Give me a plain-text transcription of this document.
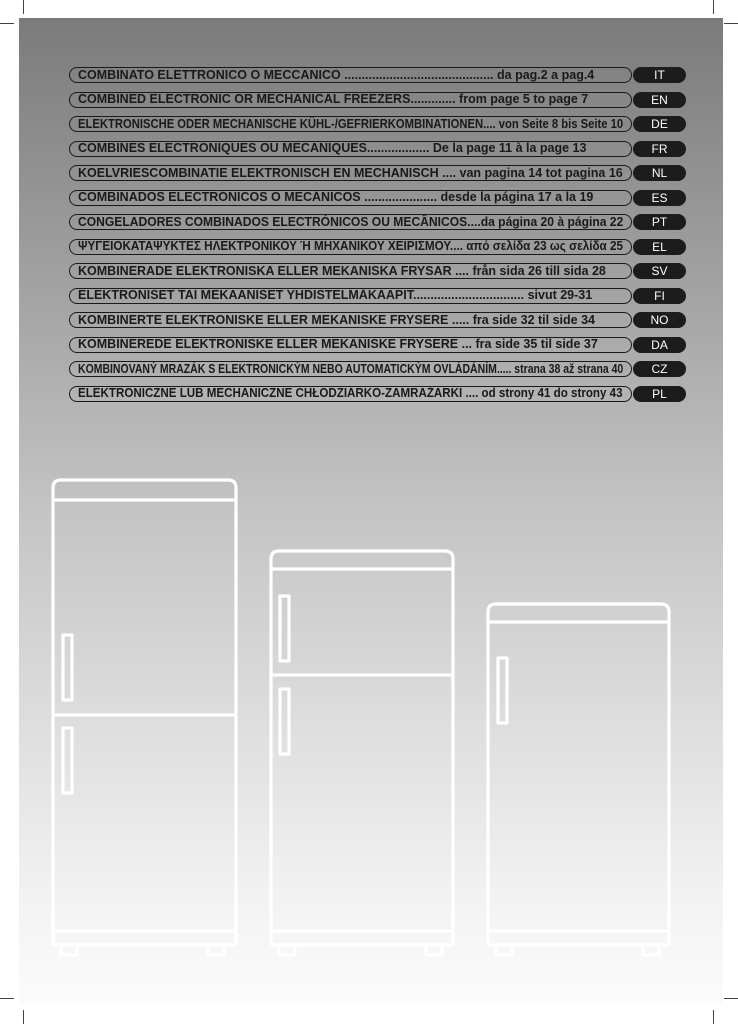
COMBINATO ELETTRONICO O MECCANICO ........................................... da pag.2 a pag.4	IT
COMBINED ELECTRONIC OR MECHANICAL FREEZERS............. from page 5 to page 7	EN
ELEKTRONISCHE ODER MECHANISCHE KÜHL-/GEFRIERKOMBINATIONEN.... von Seite 8 bis Seite 10	DE
COMBINES ELECTRONIQUES OU MECANIQUES.................. De la page 11 à la page 13	FR
KOELVRIESCOMBINATIE ELEKTRONISCH EN MECHANISCH .... van pagina 14 tot pagina 16	NL
COMBINADOS ELECTRÓNICOS O MECÁNICOS ..................... desde la página 17 a la 19	ES
CONGELADORES COMBINADOS ELECTRÓNICOS OU MECÂNICOS....da página 20 à página 22	PT
ΨΥΓΕΙΟΚΑΤΑΨΥΚΤΕΣ ΗΛΕΚΤΡΟΝΙΚΟΥ Ή ΜΗΧΑΝΙΚΟΥ ΧΕΙΡΙΣΜΟΥ.... από σελίδα 23 ως σελίδα 25	EL
KOMBINERADE ELEKTRONISKA ELLER MEKANISKA FRYSAR .... från sida 26 till sida 28	SV
ELEKTRONISET TAI MEKAANISET YHDISTELMÄKAAPIT................................ sivut 29-31	FI
KOMBINERTE ELEKTRONISKE ELLER MEKANISKE FRYSERE ..... fra side 32 til side 34	NO
KOMBINEREDE ELEKTRONISKE ELLER MEKANISKE FRYSERE ... fra side 35 til side 37	DA
KOMBINOVANÝ MRAZÁK S ELEKTRONICKÝM NEBO AUTOMATICKÝM OVLÁDÁNÍM..... strana 38 až strana 40	CZ
ELEKTRONICZNE LUB MECHANICZNE CHŁODZIARKO-ZAMRAŻARKI .... od strony 41 do strony 43	PL
